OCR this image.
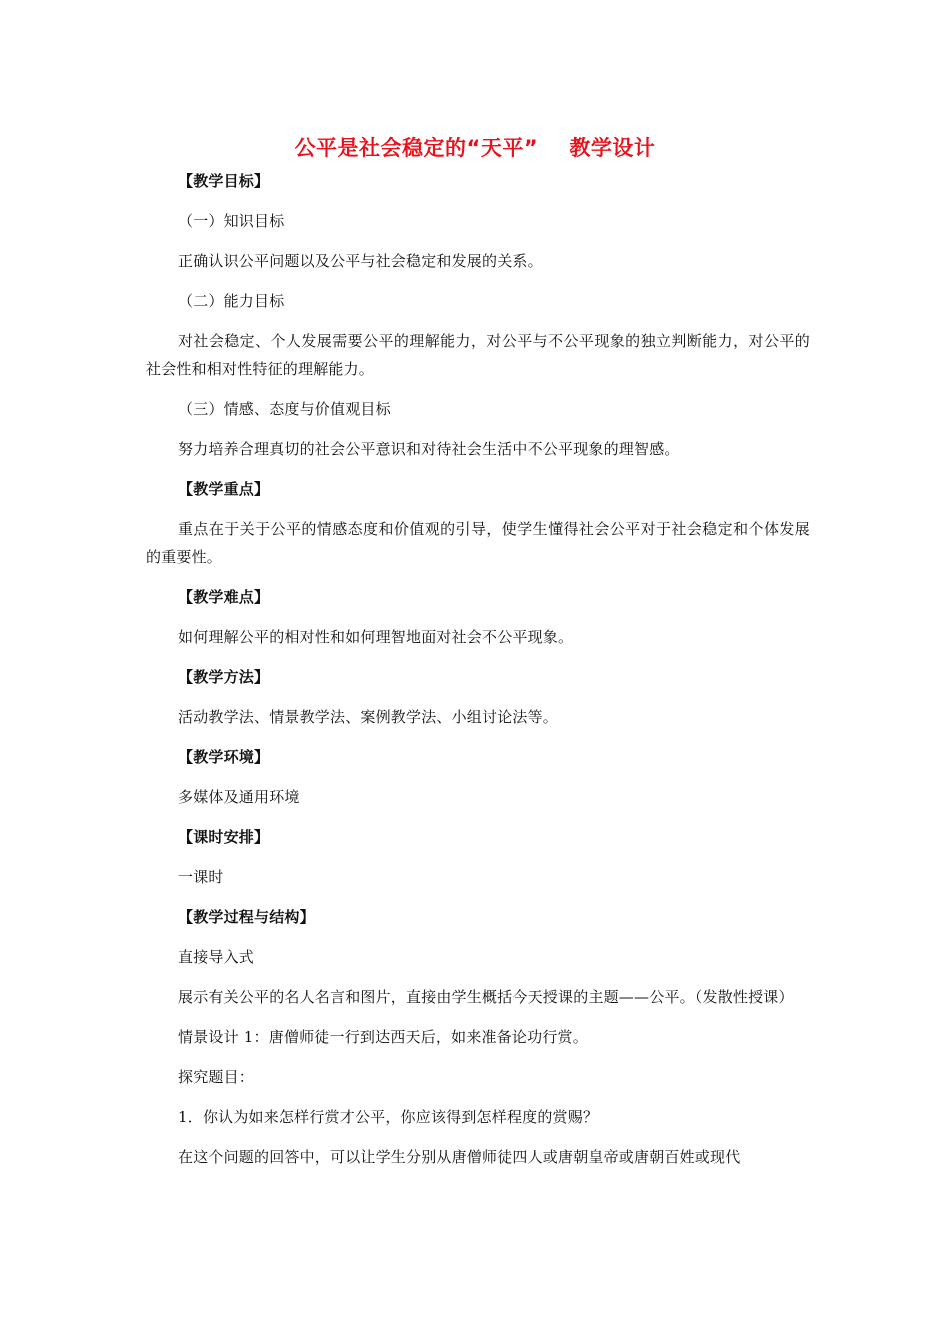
公平是社会稳定的“天平”    教学设计
【教学目标】
（一）知识目标
正确认识公平问题以及公平与社会稳定和发展的关系。
（二）能力目标
对社会稳定、个人发展需要公平的理解能力，对公平与不公平现象的独立判断能力，对公平的社会性和相对性特征的理解能力。
（三）情感、态度与价值观目标
努力培养合理真切的社会公平意识和对待社会生活中不公平现象的理智感。
【教学重点】
重点在于关于公平的情感态度和价值观的引导，使学生懂得社会公平对于社会稳定和个体发展的重要性。
【教学难点】
如何理解公平的相对性和如何理智地面对社会不公平现象。
【教学方法】
活动教学法、情景教学法、案例教学法、小组讨论法等。
【教学环境】
多媒体及通用环境
【课时安排】
一课时
【教学过程与结构】
直接导入式
展示有关公平的名人名言和图片，直接由学生概括今天授课的主题——公平。（发散性授课）
情景设计 1：唐僧师徒一行到达西天后，如来准备论功行赏。
探究题目：
1．你认为如来怎样行赏才公平，你应该得到怎样程度的赏赐？
在这个问题的回答中，可以让学生分别从唐僧师徒四人或唐朝皇帝或唐朝百姓或现代
